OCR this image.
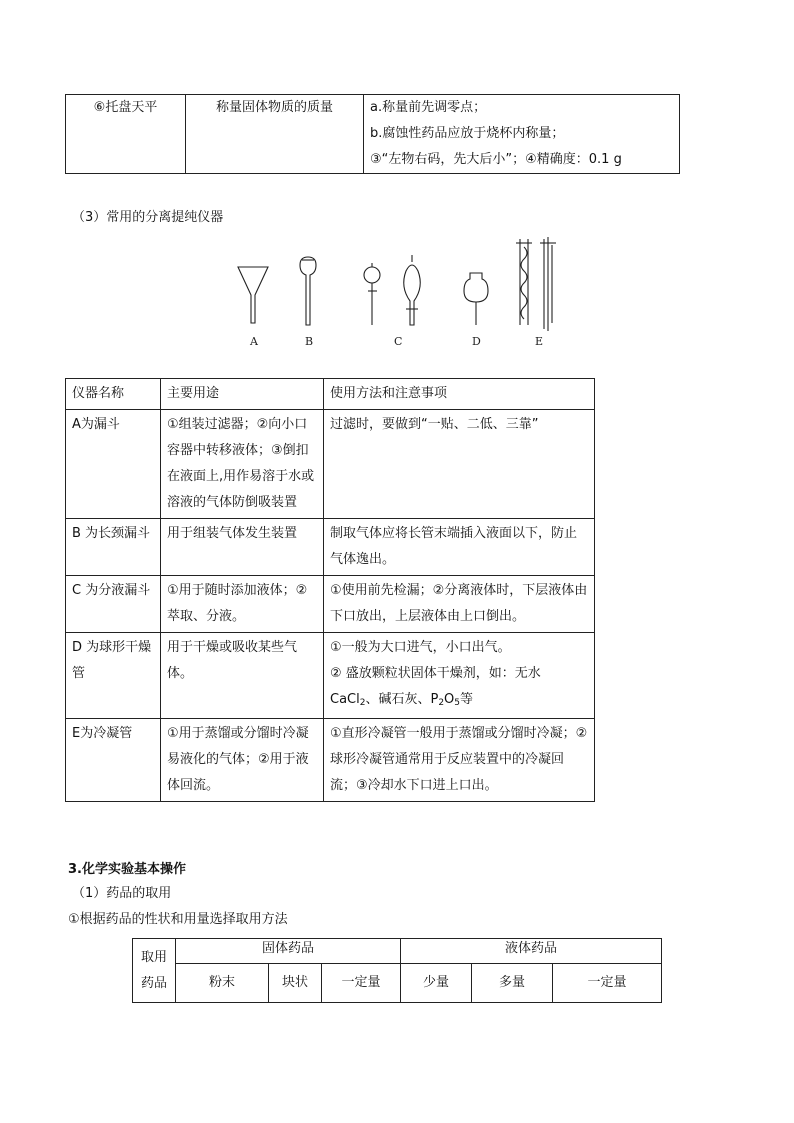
⑥托盘天平	称量固体物质的质量	a.称量前先调零点；
b.腐蚀性药品应放于烧杯内称量；
③“左物右码，先大后小”；④精确度：0.1 g
（3）常用的分离提纯仪器
A	B	C	D	E
仪器名称	主要用途	使用方法和注意事项
A为漏斗	①组装过滤器；②向小口容器中转移液体；③倒扣在液面上,用作易溶于水或溶液的气体防倒吸装置	过滤时，要做到“一贴、二低、三靠”
B 为长颈漏斗	用于组装气体发生装置	制取气体应将长管末端插入液面以下，防止气体逸出。
C 为分液漏斗	①用于随时添加液体；②萃取、分液。	①使用前先检漏；②分离液体时，下层液体由下口放出，上层液体由上口倒出。
D 为球形干燥管	用于干燥或吸收某些气体。	①一般为大口进气，小口出气。
② 盛放颗粒状固体干燥剂，如：无水CaCl$_2$、碱石灰、$P_2O_5$等

E为冷凝管	①用于蒸馏或分馏时冷凝易液化的气体；②用于液体回流。	①直形冷凝管一般用于蒸馏或分馏时冷凝；②球形冷凝管通常用于反应装置中的冷凝回流；③冷却水下口进上口出。
3.化学实验基本操作
（1）药品的取用
①根据药品的性状和用量选择取用方法
取用
药品	固体药品			液体药品		
	粉末	块状	一定量	少量	多量	一定量
